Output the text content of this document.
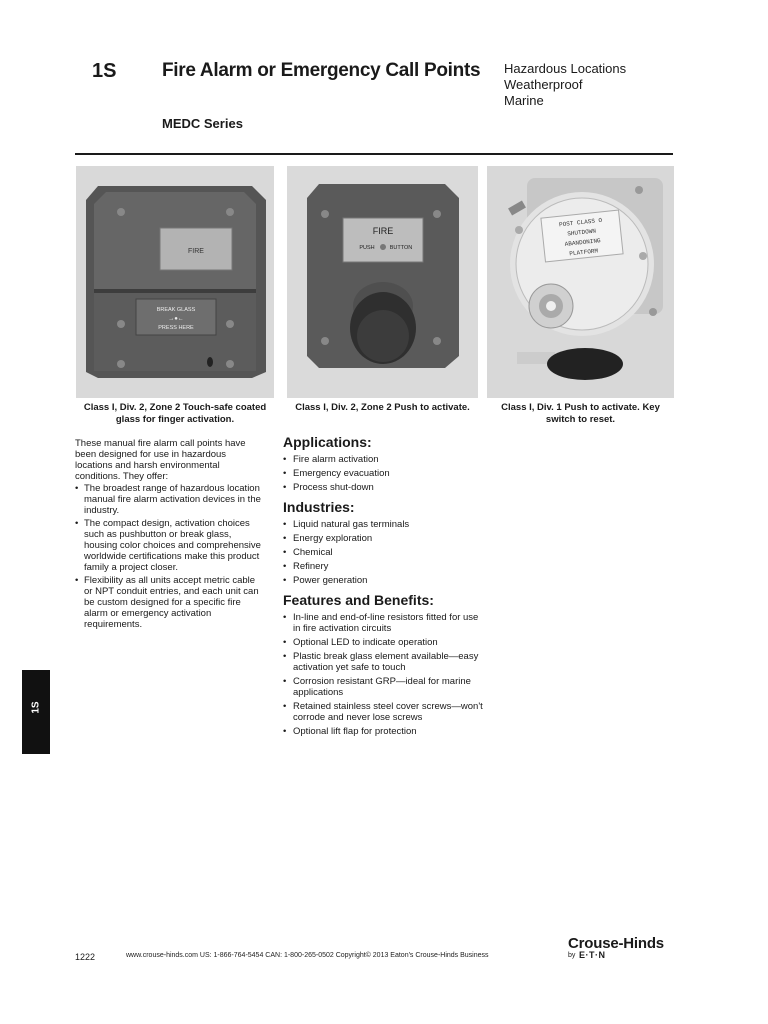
1S Fire Alarm or Emergency Call Points
MEDC Series
Hazardous Locations
Weatherproof
Marine
FIRE
BREAK GLASS
→●←
PRESS HERE
FIRE
PUSH	BUTTON
POST CLASS O
SHUTDOWN
ABANDONING
PLATFORM
Class I, Div. 2, Zone 2 Touch-safe coated glass for finger activation.
Class I, Div. 2, Zone 2 Push to activate.	Class I, Div. 1 Push to activate. Key switch to reset.

These manual fire alarm call points have been designed for use in hazardous locations and harsh environmental conditions. They offer:

• The broadest range of hazardous location manual fire alarm activation devices in the industry.
• The compact design, activation choices such as pushbutton or break glass, housing color choices and comprehensive worldwide certifications make this product family a project closer.
• Flexibility as all units accept metric cable or NPT conduit entries, and each unit can be custom designed for a specific fire alarm or emergency activation requirements.
Applications:
• Fire alarm activation
• Emergency evacuation
• Process shut-down
Industries:
• Liquid natural gas terminals
• Energy exploration
• Chemical
• Refinery
• Power generation
Features and Benefits:
• In-line and end-of-line resistors fitted for use in fire activation circuits
• Optional LED to indicate operation
• Plastic break glass element available—easy activation yet safe to touch
• Corrosion resistant GRP—ideal for marine applications
• Retained stainless steel cover screws—won't corrode and never lose screws
• Optional lift flap for protection
1S
1222	www.crouse-hinds.com US: 1-866-764-5454 CAN: 1-800-265-0502 Copyright© 2013 Eaton's Crouse-Hinds Business
Crouse-Hinds
by E·T·N
